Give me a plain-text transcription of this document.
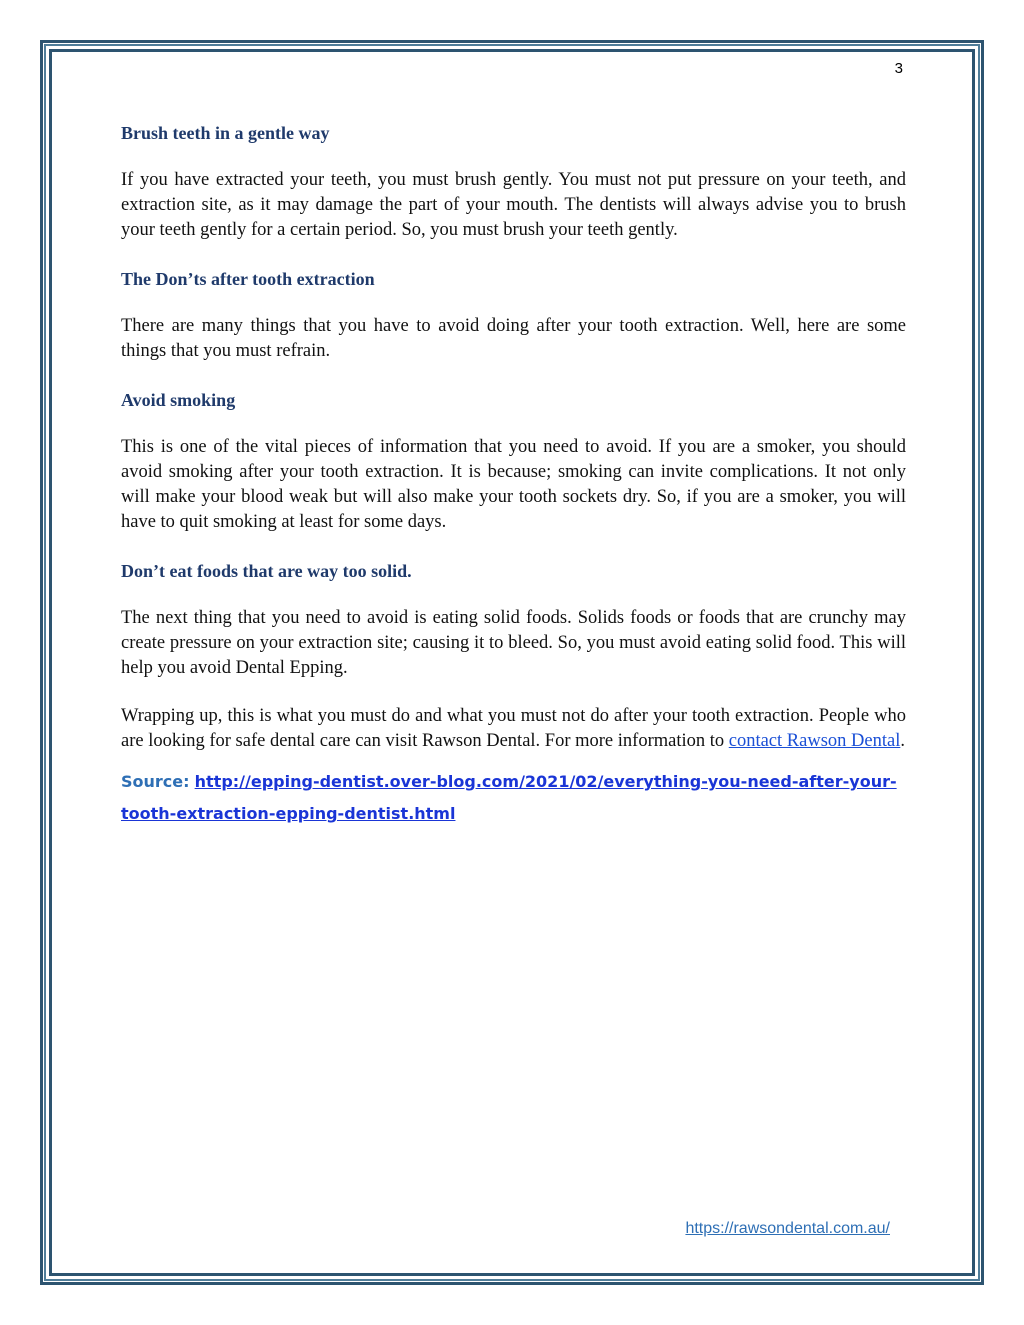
3
Brush teeth in a gentle way

If you have extracted your teeth, you must brush gently. You must not put pressure on your teeth, and extraction site, as it may damage the part of your mouth. The dentists will always advise you to brush your teeth gently for a certain period. So, you must brush your teeth gently.

The Don’ts after tooth extraction

There are many things that you have to avoid doing after your tooth extraction. Well, here are some things that you must refrain.

Avoid smoking

This is one of the vital pieces of information that you need to avoid. If you are a smoker, you should avoid smoking after your tooth extraction. It is because; smoking can invite complications. It not only will make your blood weak but will also make your tooth sockets dry. So, if you are a smoker, you will have to quit smoking at least for some days.

Don’t eat foods that are way too solid.

The next thing that you need to avoid is eating solid foods. Solids foods or foods that are crunchy may create pressure on your extraction site; causing it to bleed. So, you must avoid eating solid food. This will help you avoid Dental Epping.

Wrapping up, this is what you must do and what you must not do after your tooth extraction. People who are looking for safe dental care can visit Rawson Dental. For more information to contact Rawson Dental.

Source: http://epping-dentist.over-blog.com/2021/02/everything-you-need-after-your-
tooth-extraction-epping-dentist.html

https://rawsondental.com.au/
